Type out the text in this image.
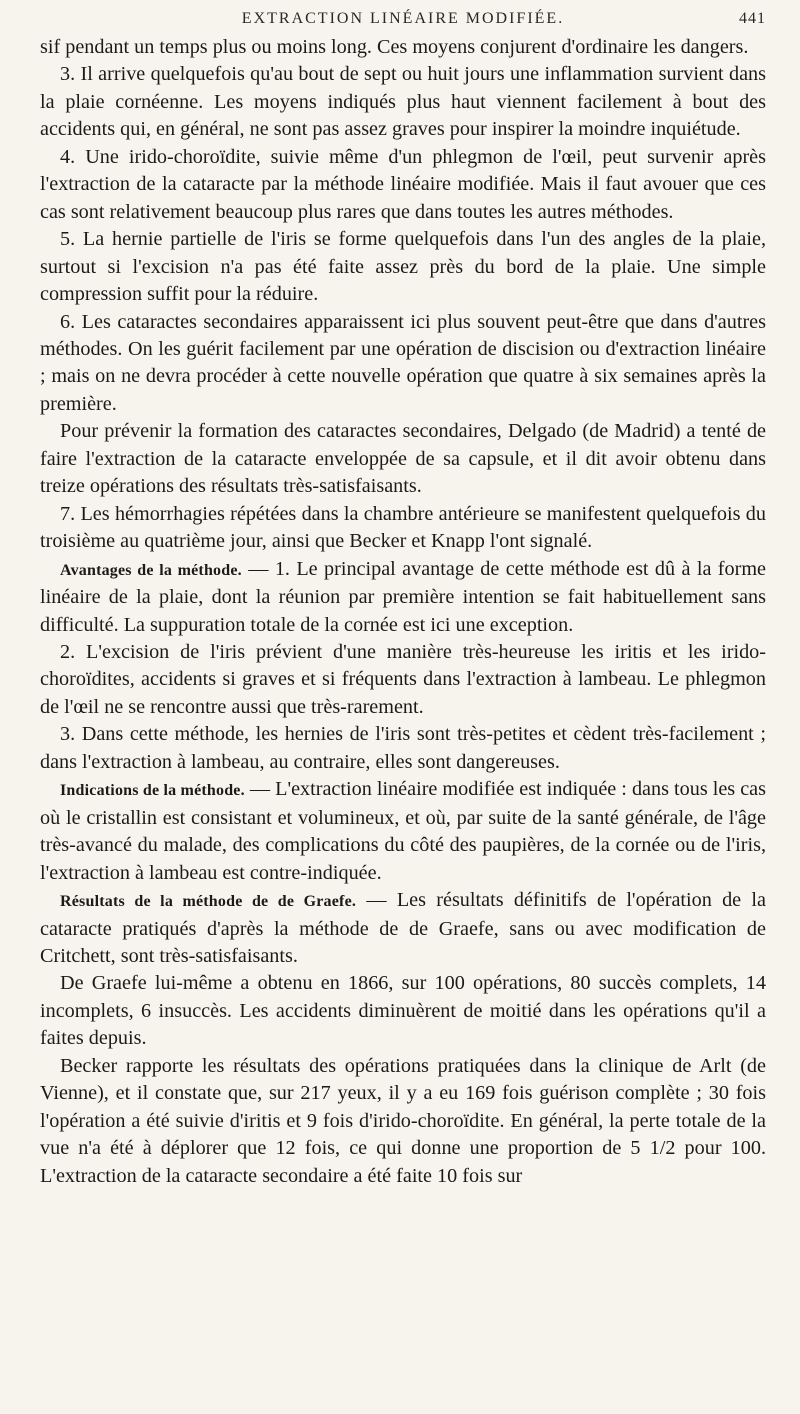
EXTRACTION LINÉAIRE MODIFIÉE.	441

sif pendant un temps plus ou moins long. Ces moyens conjurent d'ordinaire les dangers.

3. Il arrive quelquefois qu'au bout de sept ou huit jours une inflammation survient dans la plaie cornéenne. Les moyens indiqués plus haut viennent facilement à bout des accidents qui, en général, ne sont pas assez graves pour inspirer la moindre inquiétude.

4. Une irido-choroïdite, suivie même d'un phlegmon de l'œil, peut survenir après l'extraction de la cataracte par la méthode linéaire modifiée. Mais il faut avouer que ces cas sont relativement beaucoup plus rares que dans toutes les autres méthodes.

5. La hernie partielle de l'iris se forme quelquefois dans l'un des angles de la plaie, surtout si l'excision n'a pas été faite assez près du bord de la plaie. Une simple compression suffit pour la réduire.

6. Les cataractes secondaires apparaissent ici plus souvent peut-être que dans d'autres méthodes. On les guérit facilement par une opération de discision ou d'extraction linéaire ; mais on ne devra procéder à cette nouvelle opération que quatre à six semaines après la première.

Pour prévenir la formation des cataractes secondaires, Delgado (de Madrid) a tenté de faire l'extraction de la cataracte enveloppée de sa capsule, et il dit avoir obtenu dans treize opérations des résultats très-satisfaisants.

7. Les hémorrhagies répétées dans la chambre antérieure se manifestent quelquefois du troisième au quatrième jour, ainsi que Becker et Knapp l'ont signalé.

Avantages de la méthode. — 1. Le principal avantage de cette méthode est dû à la forme linéaire de la plaie, dont la réunion par première intention se fait habituellement sans difficulté. La suppuration totale de la cornée est ici une exception.

2. L'excision de l'iris prévient d'une manière très-heureuse les iritis et les irido-choroïdites, accidents si graves et si fréquents dans l'extraction à lambeau. Le phlegmon de l'œil ne se rencontre aussi que très-rarement.

3. Dans cette méthode, les hernies de l'iris sont très-petites et cèdent très-facilement ; dans l'extraction à lambeau, au contraire, elles sont dangereuses.

Indications de la méthode. — L'extraction linéaire modifiée est indiquée : dans tous les cas où le cristallin est consistant et volumineux, et où, par suite de la santé générale, de l'âge très-avancé du malade, des complications du côté des paupières, de la cornée ou de l'iris, l'extraction à lambeau est contre-indiquée.

Résultats de la méthode de de Graefe. — Les résultats définitifs de l'opération de la cataracte pratiqués d'après la méthode de de Graefe, sans ou avec modification de Critchett, sont très-satisfaisants.

De Graefe lui-même a obtenu en 1866, sur 100 opérations, 80 succès complets, 14 incomplets, 6 insuccès. Les accidents diminuèrent de moitié dans les opérations qu'il a faites depuis.

Becker rapporte les résultats des opérations pratiquées dans la clinique de Arlt (de Vienne), et il constate que, sur 217 yeux, il y a eu 169 fois guérison complète ; 30 fois l'opération a été suivie d'iritis et 9 fois d'irido-choroïdite. En général, la perte totale de la vue n'a été à déplorer que 12 fois, ce qui donne une proportion de 5 1/2 pour 100. L'extraction de la cataracte secondaire a été faite 10 fois sur
